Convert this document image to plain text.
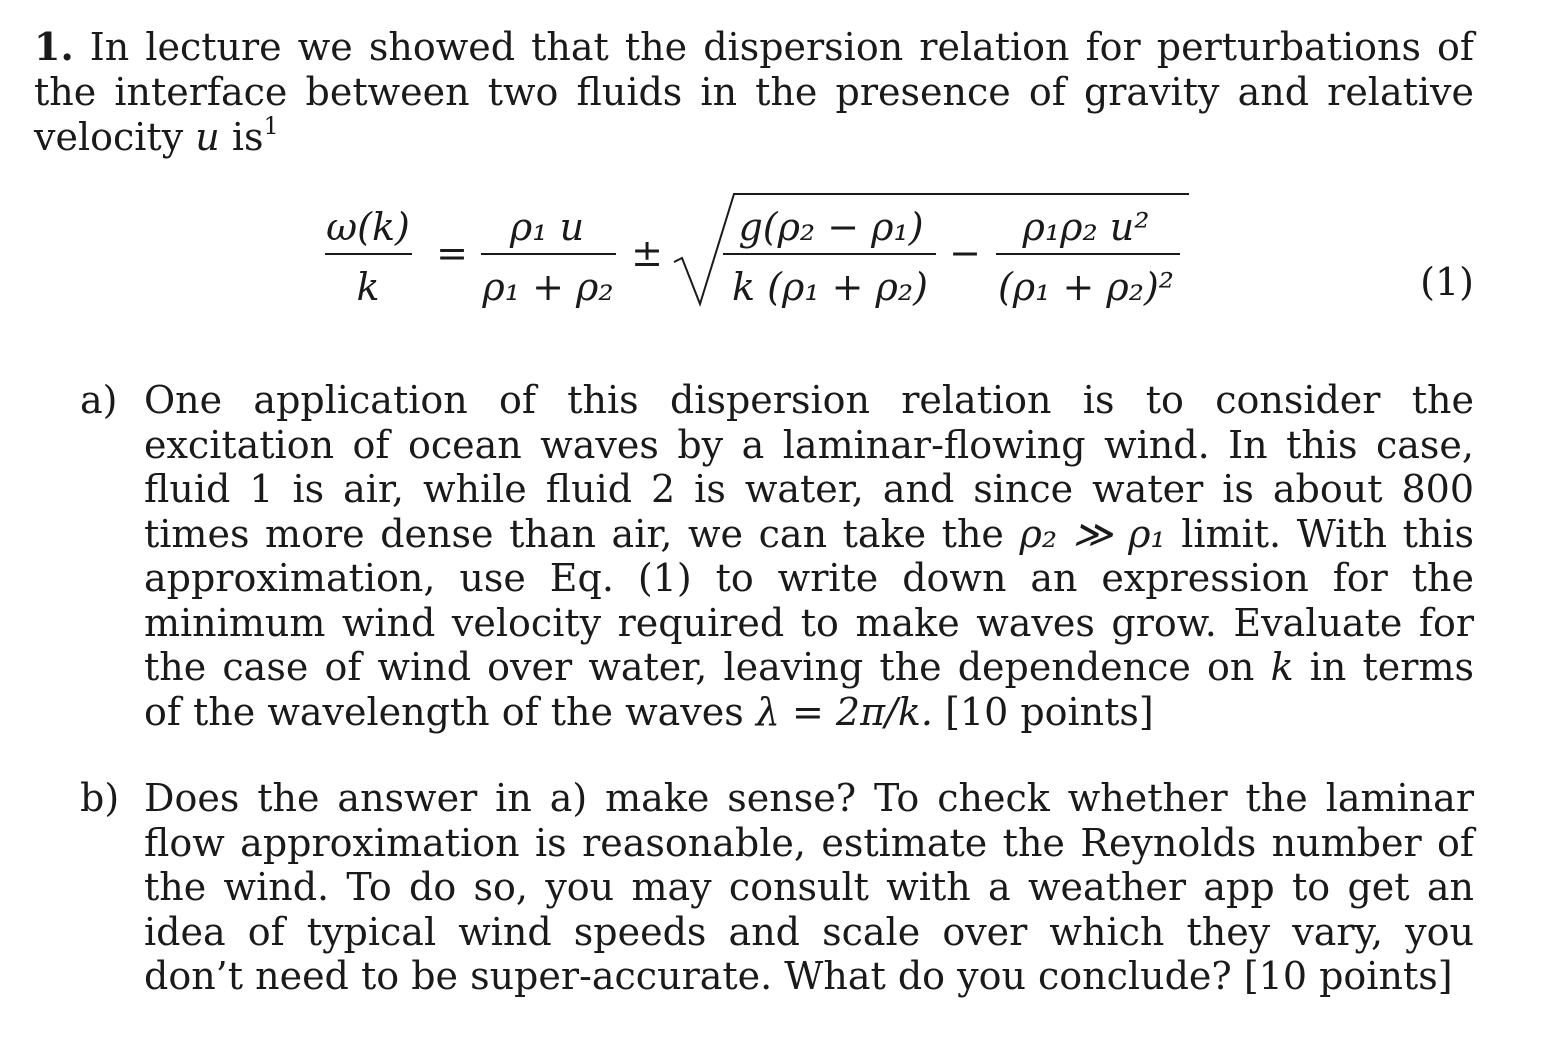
1. In lecture we showed that the dispersion relation for perturbations of the interface between two fluids in the presence of gravity and relative velocity u is$^1$
ω(k)
k
=
ρ₁ u
ρ₁ + ρ₂
±
g(ρ₂ − ρ₁)
k (ρ₁ + ρ₂)
−
ρ₁ρ₂ u²
(ρ₁ + ρ₂)²	(1)
a) One application of this dispersion relation is to consider the excitation of ocean waves by a laminar-flowing wind. In this case, fluid 1 is air, while fluid 2 is water, and since water is about 800 times more dense than air, we can take the ρ₂ ≫ ρ₁ limit. With this approximation, use Eq. (1) to write down an expression for the minimum wind velocity required to make waves grow. Evaluate for the case of wind over water, leaving the dependence on k in terms of the wavelength of the waves λ = 2π/k. [10 points]
b) Does the answer in a) make sense? To check whether the laminar flow approximation is reasonable, estimate the Reynolds number of the wind. To do so, you may consult with a weather app to get an idea of typical wind speeds and scale over which they vary, you don’t need to be super-accurate. What do you conclude? [10 points]
